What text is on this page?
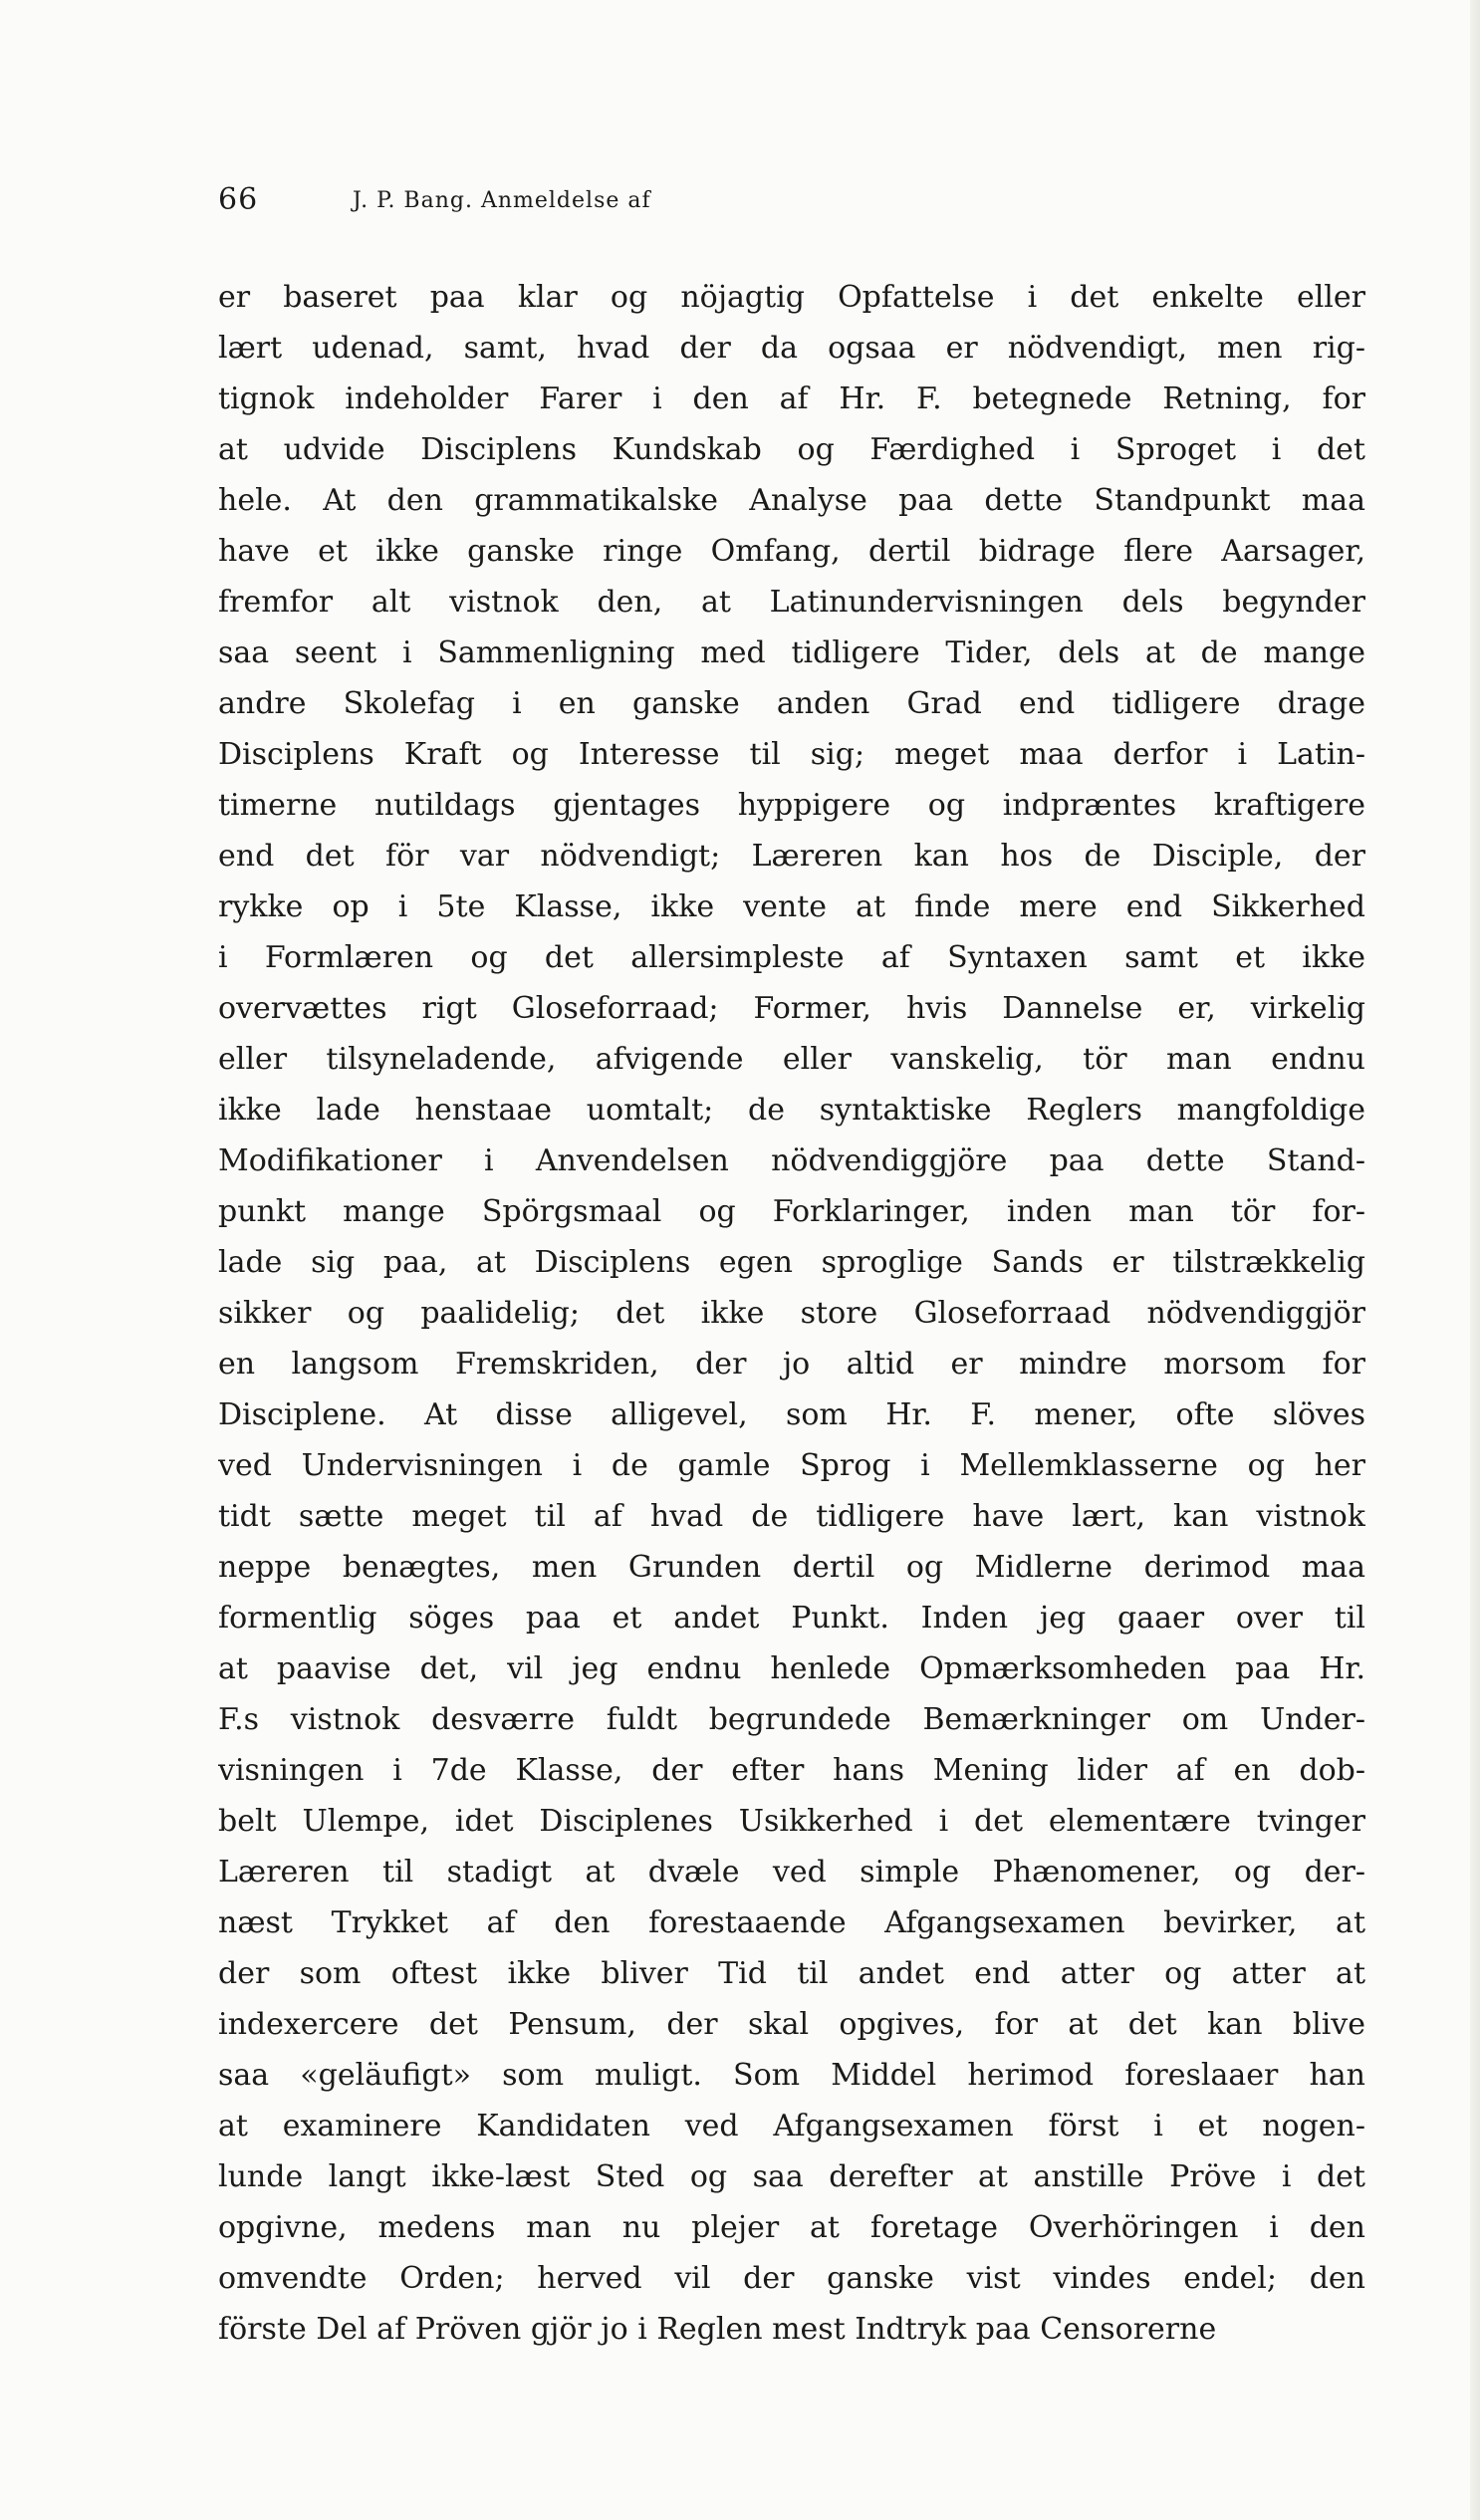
66	J. P. Bang. Anmeldelse af
er baseret paa klar og nöjagtig Opfattelse i det enkelte eller
lært udenad, samt, hvad der da ogsaa er nödvendigt, men rig-
tignok indeholder Farer i den af Hr. F. betegnede Retning, for
at udvide Disciplens Kundskab og Færdighed i Sproget i det
hele. At den grammatikalske Analyse paa dette Standpunkt maa
have et ikke ganske ringe Omfang, dertil bidrage flere Aarsager,
fremfor alt vistnok den, at Latinundervisningen dels begynder
saa seent i Sammenligning med tidligere Tider, dels at de mange
andre Skolefag i en ganske anden Grad end tidligere drage
Disciplens Kraft og Interesse til sig; meget maa derfor i Latin-
timerne nutildags gjentages hyppigere og indpræntes kraftigere
end det för var nödvendigt; Læreren kan hos de Disciple, der
rykke op i 5te Klasse, ikke vente at finde mere end Sikkerhed
i Formlæren og det allersimpleste af Syntaxen samt et ikke
overvættes rigt Gloseforraad; Former, hvis Dannelse er, virkelig
eller tilsyneladende, afvigende eller vanskelig, tör man endnu
ikke lade henstaae uomtalt; de syntaktiske Reglers mangfoldige
Modifikationer i Anvendelsen nödvendiggjöre paa dette Stand-
punkt mange Spörgsmaal og Forklaringer, inden man tör for-
lade sig paa, at Disciplens egen sproglige Sands er tilstrækkelig
sikker og paalidelig; det ikke store Gloseforraad nödvendiggjör
en langsom Fremskriden, der jo altid er mindre morsom for
Disciplene. At disse alligevel, som Hr. F. mener, ofte slöves
ved Undervisningen i de gamle Sprog i Mellemklasserne og her
tidt sætte meget til af hvad de tidligere have lært, kan vistnok
neppe benægtes, men Grunden dertil og Midlerne derimod maa
formentlig söges paa et andet Punkt. Inden jeg gaaer over til
at paavise det, vil jeg endnu henlede Opmærksomheden paa Hr.
F.s vistnok desværre fuldt begrundede Bemærkninger om Under-
visningen i 7de Klasse, der efter hans Mening lider af en dob-
belt Ulempe, idet Disciplenes Usikkerhed i det elementære tvinger
Læreren til stadigt at dvæle ved simple Phænomener, og der-
næst Trykket af den forestaaende Afgangsexamen bevirker, at
der som oftest ikke bliver Tid til andet end atter og atter at
indexercere det Pensum, der skal opgives, for at det kan blive
saa «geläufigt» som muligt. Som Middel herimod foreslaaer han
at examinere Kandidaten ved Afgangsexamen först i et nogen-
lunde langt ikke-læst Sted og saa derefter at anstille Pröve i det
opgivne, medens man nu plejer at foretage Overhöringen i den
omvendte Orden; herved vil der ganske vist vindes endel; den
förste Del af Pröven gjör jo i Reglen mest Indtryk paa Censorerne
